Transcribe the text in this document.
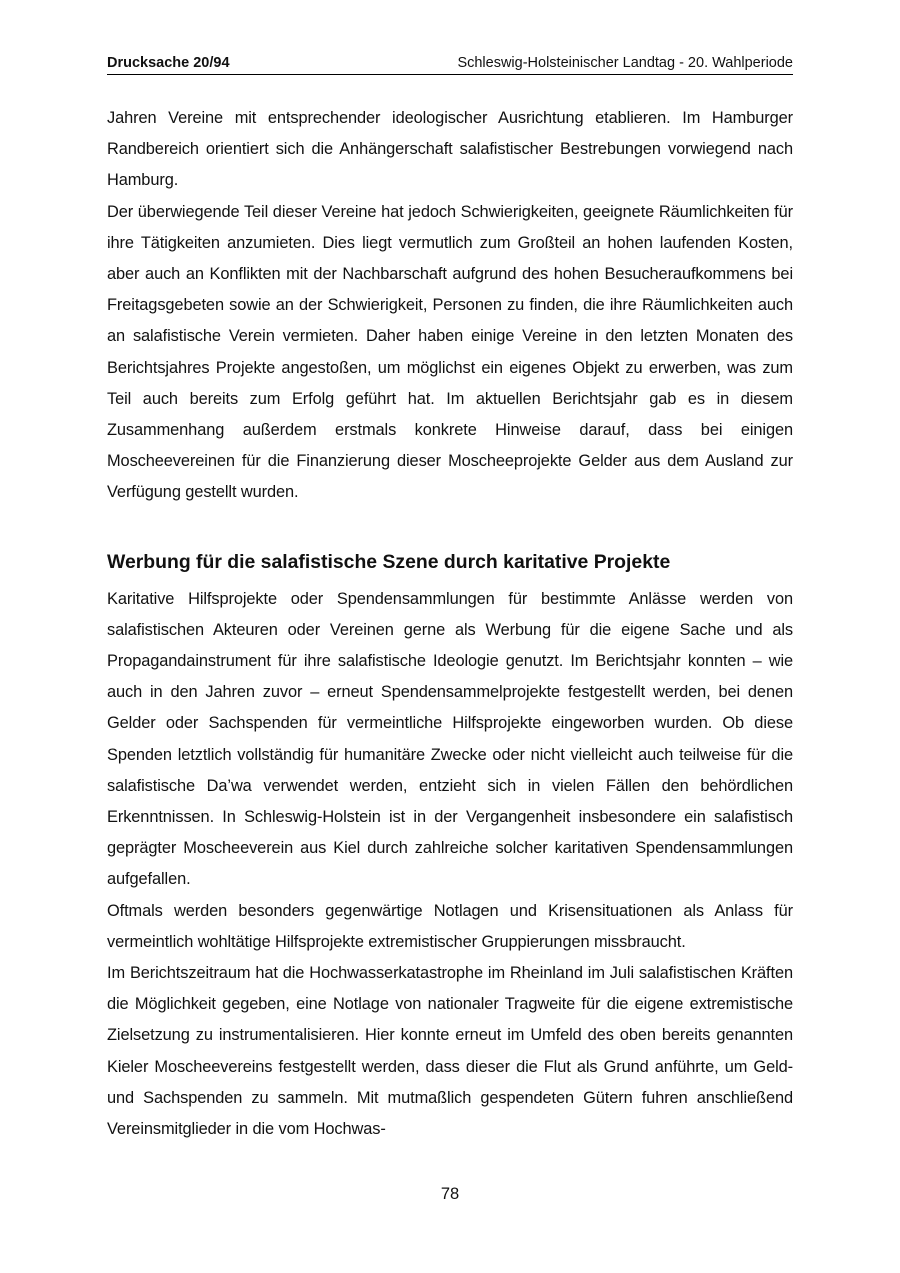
Drucksache 20/94	Schleswig-Holsteinischer Landtag - 20. Wahlperiode

Jahren Vereine mit entsprechender ideologischer Ausrichtung etablieren. Im Hamburger Randbereich orientiert sich die Anhängerschaft salafistischer Bestrebungen vorwiegend nach Hamburg.

Der überwiegende Teil dieser Vereine hat jedoch Schwierigkeiten, geeignete Räumlichkeiten für ihre Tätigkeiten anzumieten. Dies liegt vermutlich zum Großteil an hohen laufenden Kosten, aber auch an Konflikten mit der Nachbarschaft aufgrund des hohen Besucheraufkommens bei Freitagsgebeten sowie an der Schwierigkeit, Personen zu finden, die ihre Räumlichkeiten auch an salafistische Verein vermieten. Daher haben einige Vereine in den letzten Monaten des Berichtsjahres Projekte angestoßen, um möglichst ein eigenes Objekt zu erwerben, was zum Teil auch bereits zum Erfolg geführt hat. Im aktuellen Berichtsjahr gab es in diesem Zusammenhang außerdem erstmals konkrete Hinweise darauf, dass bei einigen Moscheevereinen für die Finanzierung dieser Moscheeprojekte Gelder aus dem Ausland zur Verfügung gestellt wurden.

Werbung für die salafistische Szene durch karitative Projekte

Karitative Hilfsprojekte oder Spendensammlungen für bestimmte Anlässe werden von salafistischen Akteuren oder Vereinen gerne als Werbung für die eigene Sache und als Propagandainstrument für ihre salafistische Ideologie genutzt. Im Berichtsjahr konnten – wie auch in den Jahren zuvor – erneut Spendensammelprojekte festgestellt werden, bei denen Gelder oder Sachspenden für vermeintliche Hilfsprojekte eingeworben wurden. Ob diese Spenden letztlich vollständig für humanitäre Zwecke oder nicht vielleicht auch teilweise für die salafistische Da’wa verwendet werden, entzieht sich in vielen Fällen den behördlichen Erkenntnissen. In Schleswig-Holstein ist in der Vergangenheit insbesondere ein salafistisch geprägter Moscheeverein aus Kiel durch zahlreiche solcher karitativen Spendensammlungen aufgefallen.

Oftmals werden besonders gegenwärtige Notlagen und Krisensituationen als Anlass für vermeintlich wohltätige Hilfsprojekte extremistischer Gruppierungen missbraucht.

Im Berichtszeitraum hat die Hochwasserkatastrophe im Rheinland im Juli salafistischen Kräften die Möglichkeit gegeben, eine Notlage von nationaler Tragweite für die eigene extremistische Zielsetzung zu instrumentalisieren. Hier konnte erneut im Umfeld des oben bereits genannten Kieler Moscheevereins festgestellt werden, dass dieser die Flut als Grund anführte, um Geld- und Sachspenden zu sammeln. Mit mutmaßlich gespendeten Gütern fuhren anschließend Vereinsmitglieder in die vom Hochwas-

78
